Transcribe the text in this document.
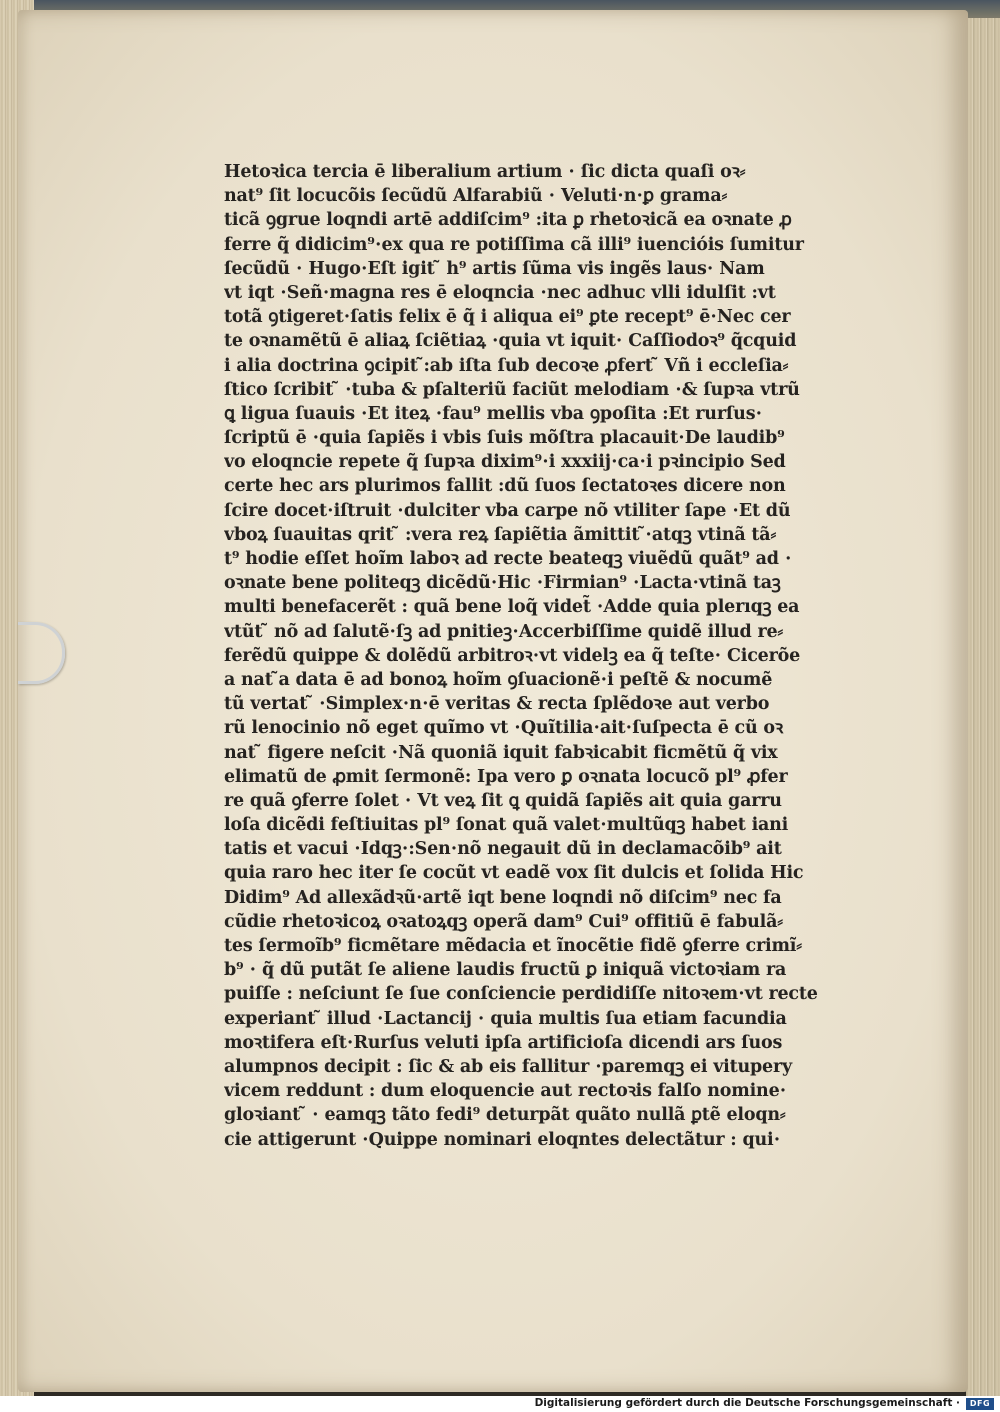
Hetoꝛica tercia ē liberalium artium ⋅ ſic dicta quaſi oꝛ⸗
nat⁹ ſit locucõis ſecũdũ Alfarabiũ ⋅ Veluti⋅n⋅ꝑ grama⸗
ticã ꝯgrue loqndi artē addiſcim⁹ :ita ꝑ rhetoꝛicã ea oꝛnate ꝓ
ferre q̃ didicim⁹⋅ex qua re potiſſima cã illi⁹ iuencióis ſumitur
ſecũdũ ⋅ Hugo⋅Eſt igit ̃ h⁹ artis ſũma vis ingẽs laus⋅ Nam
vt iqt ⋅Señ⋅magna res ē eloqncia ⋅nec adhuc vlli idulſit :vt
totã ꝯtigeret⋅ſatis felix ē q̃ i aliqua ei⁹ ꝑte recept⁹ ē⋅Nec cer
te oꝛnamẽtũ ē aliaꝝ ſciẽtiaꝝ ⋅quia vt iquit⋅ Caſſiodoꝛ⁹ q̃cquid
i alia doctrina ꝯcipit ̃:ab iſta ſub decoꝛe ꝓfert ̃ Vñ i eccleſia⸗
ſtico ſcribit ̃ ⋅tuba & pſalteriũ faciũt melodiam ⋅& ſupꝛa vtrũ
ꝗ ligua ſuauis ⋅Et iteꝝ ⋅fau⁹ mellis vba ꝯpoſita :Et rurſus⋅
ſcriptũ ē ⋅quia ſapiẽs i vbis ſuis mõſtra placauit⋅De laudib⁹
vo eloqncie repete q̃ ſupꝛa dixim⁹⋅i xxxiij⋅ca⋅i pꝛincipio Sed
certe hec ars plurimos fallit :dũ ſuos ſectatoꝛes dicere non
ſcire docet⋅iſtruit ⋅dulciter vba carpe nõ vtiliter ſape ⋅Et dũ
vboꝝ ſuauitas qrit ̃ :vera reꝝ ſapiẽtia ãmittit ̃⋅atqꝫ vtinã tã⸗
t⁹ hodie eſſet hoĩm laboꝛ ad recte beateqꝫ viuẽdũ quãt⁹ ad ⋅
oꝛnate bene politeqꝫ dicẽdũ⋅Hic ⋅Firmian⁹ ⋅Lacta⋅vtinã taꝫ
multi benefacerẽt : quã bene loq̃ videt̃ ⋅Adde quia plerıqꝫ ea
vtũt ̃ nõ ad ſalutẽ⋅ſꝫ ad pnitieꝫ⋅Accerbiſſime quidẽ illud re⸗
ferẽdũ quippe & dolẽdũ arbitroꝛ⋅vt videlꝫ ea q̃ teſte⋅ Cicerõe
a nat ̃a data ē ad bonoꝝ hoĩm ꝯſuacionẽ⋅i peſtẽ & nocumẽ
tũ vertat ̃ ⋅Simplex⋅n⋅ē veritas & recta ſplẽdoꝛe aut verbo
rũ lenocinio nõ eget quĩmo vt ⋅Quĩtilia⋅ait⋅ſuſpecta ē cũ oꝛ
nat ̃ figere neſcit ⋅Nã quoniã iquit fabꝛicabit ficmẽtũ q̃ vix
elimatũ de ꝓmit ſermonẽ: Ipa vero ꝑ oꝛnata locucõ pl⁹ ꝓfer
re quã ꝯferre ſolet ⋅ Vt veꝝ ſit ꝗ quidã ſapiẽs ait quia garru
loſa dicẽdi feſtiuitas pl⁹ ſonat quã valet⋅multũqꝫ habet iani
tatis et vacui ⋅Idqꝫ⋅:Sen⋅nõ negauit dũ in declamacõib⁹ ait
quia raro hec iter ſe cocũt vt eadẽ vox ſit dulcis et ſolida Hic
Didim⁹ Ad allexãdꝛũ⋅artẽ iqt bene loqndi nõ diſcim⁹ nec fa
cũdie rhetoꝛicoꝝ oꝛatoꝝqꝫ operã dam⁹ Cui⁹ offitiũ ē fabulã⸗
tes ſermoĩb⁹ ficmẽtare mẽdacia et ĩnocẽtie fidẽ ꝯferre crimĩ⸗
b⁹ ⋅ q̃ dũ putãt ſe aliene laudis fructũ ꝑ iniquã victoꝛiam ra
puiſſe : neſciunt ſe ſue conſciencie perdidiſſe nitoꝛem⋅vt recte
experiant ̃ illud ⋅Lactancij ⋅ quia multis ſua etiam facundia
moꝛtifera eſt⋅Rurſus veluti ipſa artificioſa dicendi ars ſuos
alumpnos decipit : ſic & ab eis fallitur ⋅paremqꝫ ei vitupery
vicem reddunt : dum eloquencie aut rectoꝛis falſo nomine⋅
gloꝛiant ̃ ⋅ eamqꝫ tãto fedi⁹ deturpãt quãto nullã ꝑtẽ eloqn⸗
cie attigerunt ⋅Quippe nominari eloqntes delectãtur : qui⋅
Digitalisierung gefördert durch die Deutsche Forschungsgemeinschaft ⋅	DFG
